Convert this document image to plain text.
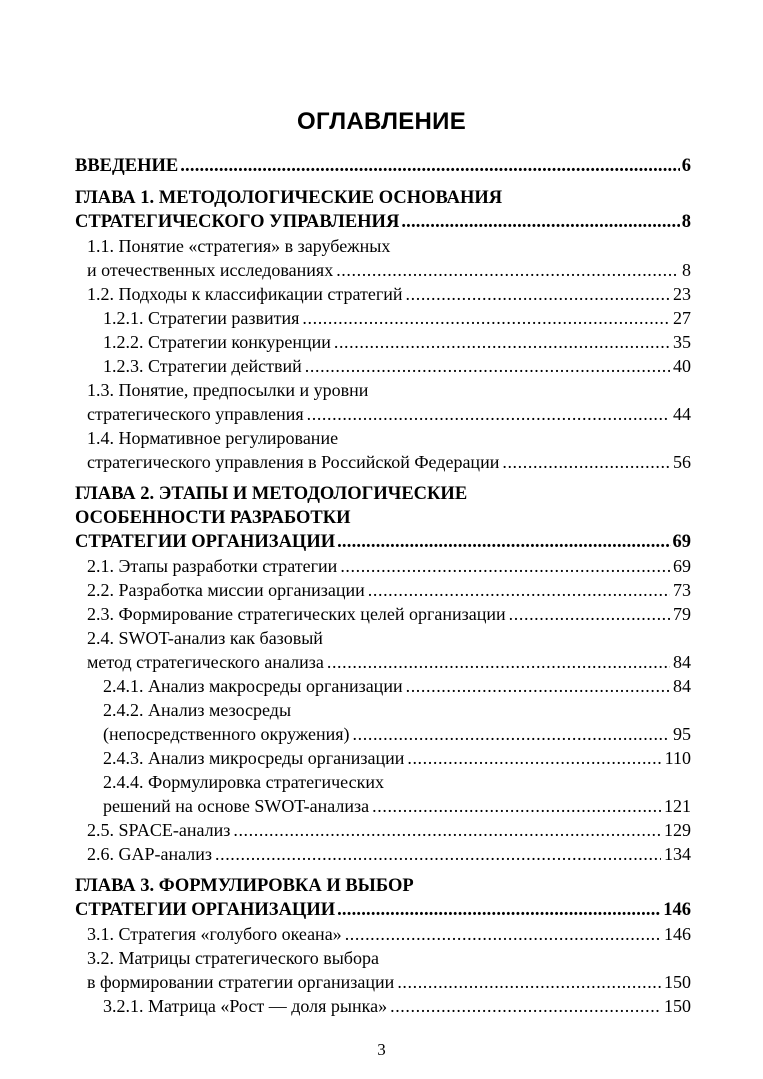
ОГЛАВЛЕНИЕ
ВВЕДЕНИЕ .....	6
ГЛАВА 1. МЕТОДОЛОГИЧЕСКИЕ ОСНОВАНИЯ
СТРАТЕГИЧЕСКОГО УПРАВЛЕНИЯ .....	8
1.1. Понятие «стратегия» в зарубежных
и отечественных исследованиях .....	8
1.2. Подходы к классификации стратегий .....	23
1.2.1. Стратегии развития .....	27
1.2.2. Стратегии конкуренции .....	35
1.2.3. Стратегии действий .....	40
1.3. Понятие, предпосылки и уровни
стратегического управления .....	44
1.4. Нормативное регулирование
стратегического управления в Российской Федерации .....	56
ГЛАВА 2. ЭТАПЫ И МЕТОДОЛОГИЧЕСКИЕ
ОСОБЕННОСТИ РАЗРАБОТКИ
СТРАТЕГИИ ОРГАНИЗАЦИИ .....	69
2.1. Этапы разработки стратегии .....	69
2.2. Разработка миссии организации .....	73
2.3. Формирование стратегических целей организации .....	79
2.4. SWOT-анализ как базовый
метод стратегического анализа .....	84
2.4.1. Анализ макросреды организации .....	84
2.4.2. Анализ мезосреды
(непосредственного окружения) .....	95
2.4.3. Анализ микросреды организации .....	110
2.4.4. Формулировка стратегических
решений на основе SWOT-анализа .....	121
2.5. SPACE-анализ .....	129
2.6. GAP-анализ .....	134
ГЛАВА 3. ФОРМУЛИРОВКА И ВЫБОР
СТРАТЕГИИ ОРГАНИЗАЦИИ .....	146
3.1. Стратегия «голубого океана» .....	146
3.2. Матрицы стратегического выбора
в формировании стратегии организации .....	150
3.2.1. Матрица «Рост — доля рынка» .....	150
3
